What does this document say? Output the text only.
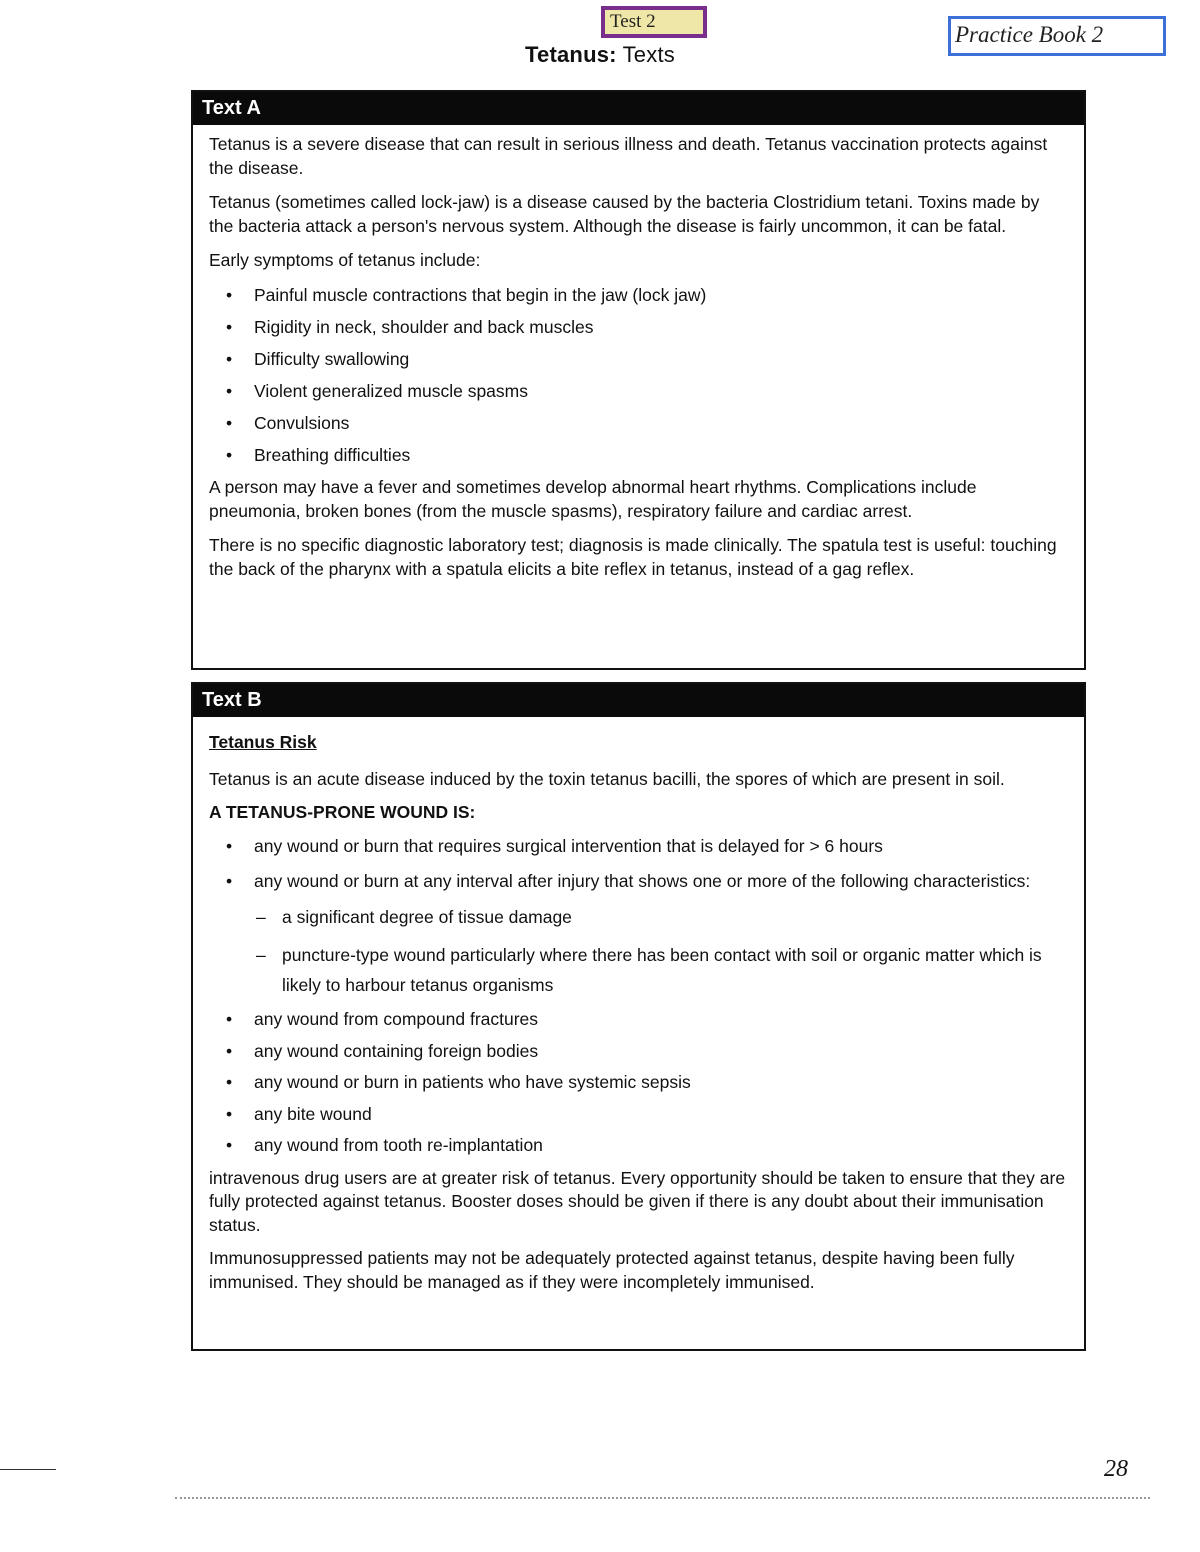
Test 2
Practice Book 2
Tetanus: Texts
Text A

Tetanus is a severe disease that can result in serious illness and death. Tetanus vaccination protects against the disease.

Tetanus (sometimes called lock-jaw) is a disease caused by the bacteria Clostridium tetani. Toxins made by the bacteria attack a person's nervous system. Although the disease is fairly uncommon, it can be fatal.

Early symptoms of tetanus include:

• Painful muscle contractions that begin in the jaw (lock jaw)
• Rigidity in neck, shoulder and back muscles
• Difficulty swallowing
• Violent generalized muscle spasms
• Convulsions
• Breathing difficulties

A person may have a fever and sometimes develop abnormal heart rhythms. Complications include pneumonia, broken bones (from the muscle spasms), respiratory failure and cardiac arrest.

There is no specific diagnostic laboratory test; diagnosis is made clinically. The spatula test is useful: touching the back of the pharynx with a spatula elicits a bite reflex in tetanus, instead of a gag reflex.

Text B

Tetanus Risk

Tetanus is an acute disease induced by the toxin tetanus bacilli, the spores of which are present in soil.

A TETANUS-PRONE WOUND IS:

• any wound or burn that requires surgical intervention that is delayed for > 6 hours
• any wound or burn at any interval after injury that shows one or more of the following characteristics:
– a significant degree of tissue damage
– puncture-type wound particularly where there has been contact with soil or organic matter which is likely to harbour tetanus organisms
• any wound from compound fractures
• any wound containing foreign bodies
• any wound or burn in patients who have systemic sepsis
• any bite wound
• any wound from tooth re-implantation

intravenous drug users are at greater risk of tetanus. Every opportunity should be taken to ensure that they are fully protected against tetanus. Booster doses should be given if there is any doubt about their immunisation status.

Immunosuppressed patients may not be adequately protected against tetanus, despite having been fully immunised. They should be managed as if they were incompletely immunised.

28
